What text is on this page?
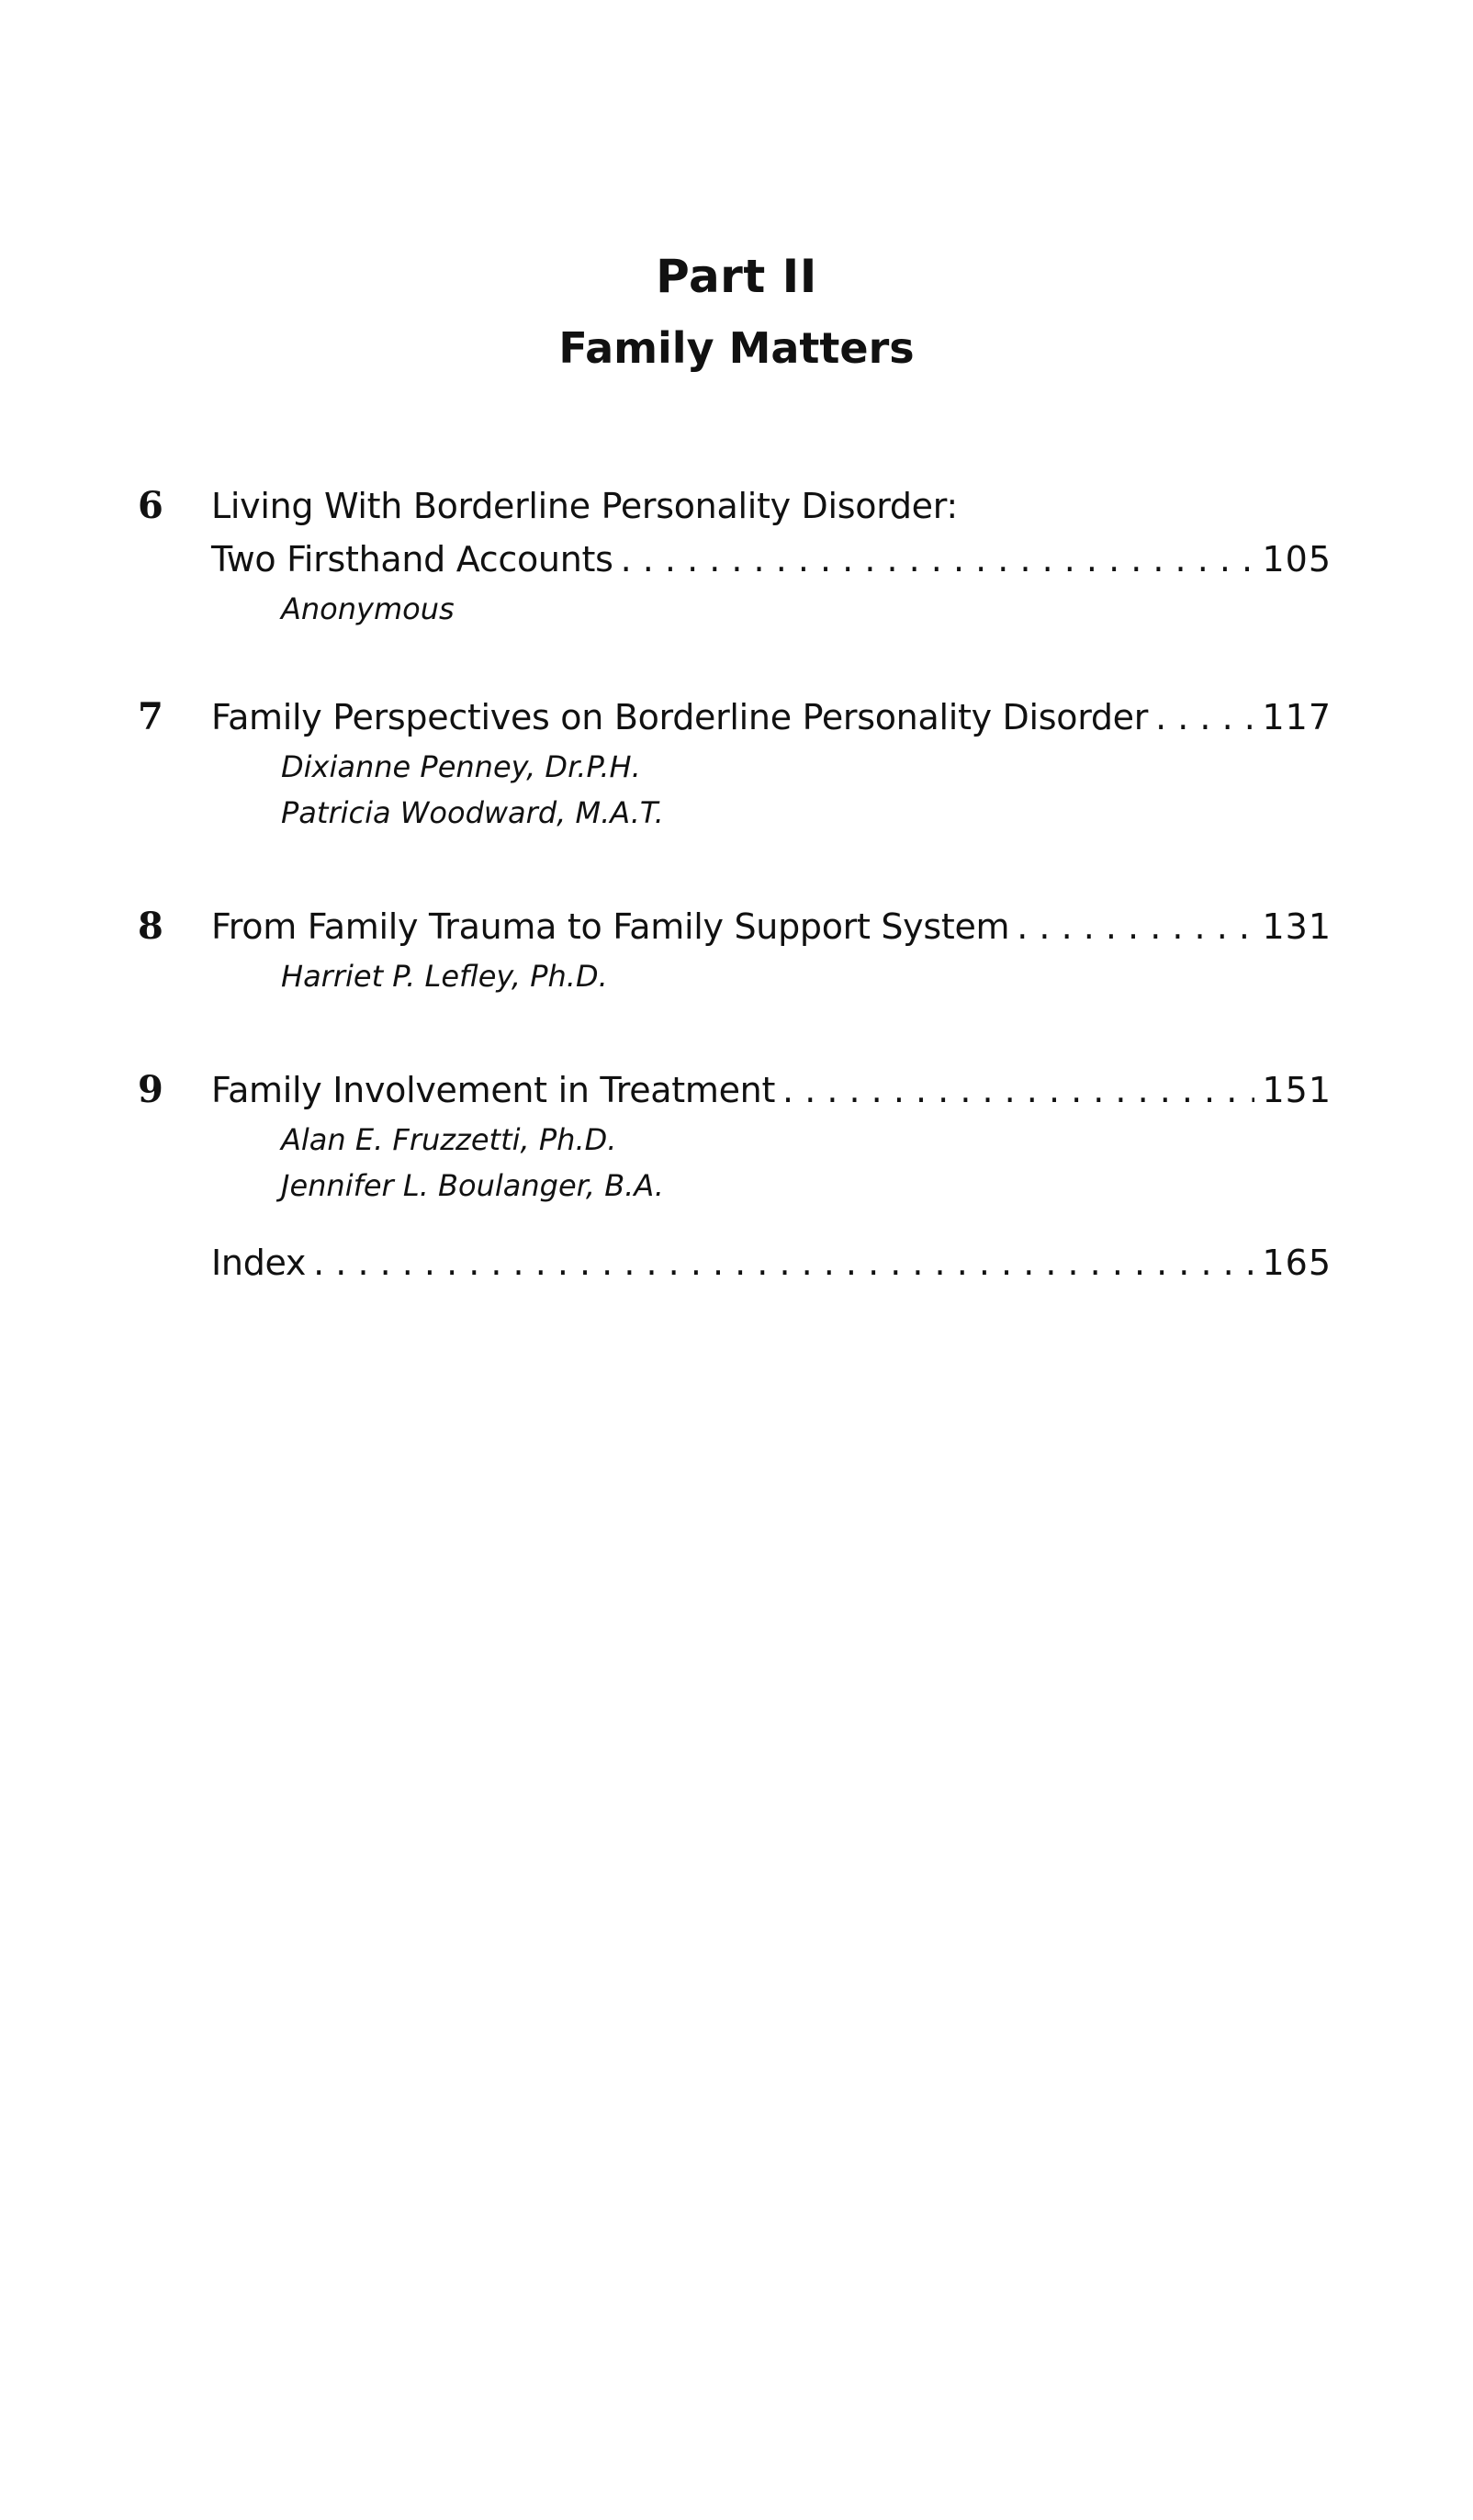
Part II
Family Matters
6	Living With Borderline Personality Disorder:
Two Firsthand Accounts . . .	105
Anonymous
7	Family Perspectives on Borderline Personality Disorder . . .	117
Dixianne Penney, Dr.P.H.
Patricia Woodward, M.A.T.
8	From Family Trauma to Family Support System . . .	131
Harriet P. Lefley, Ph.D.
9	Family Involvement in Treatment . . .	151
Alan E. Fruzzetti, Ph.D.
Jennifer L. Boulanger, B.A.
Index . . .	165
